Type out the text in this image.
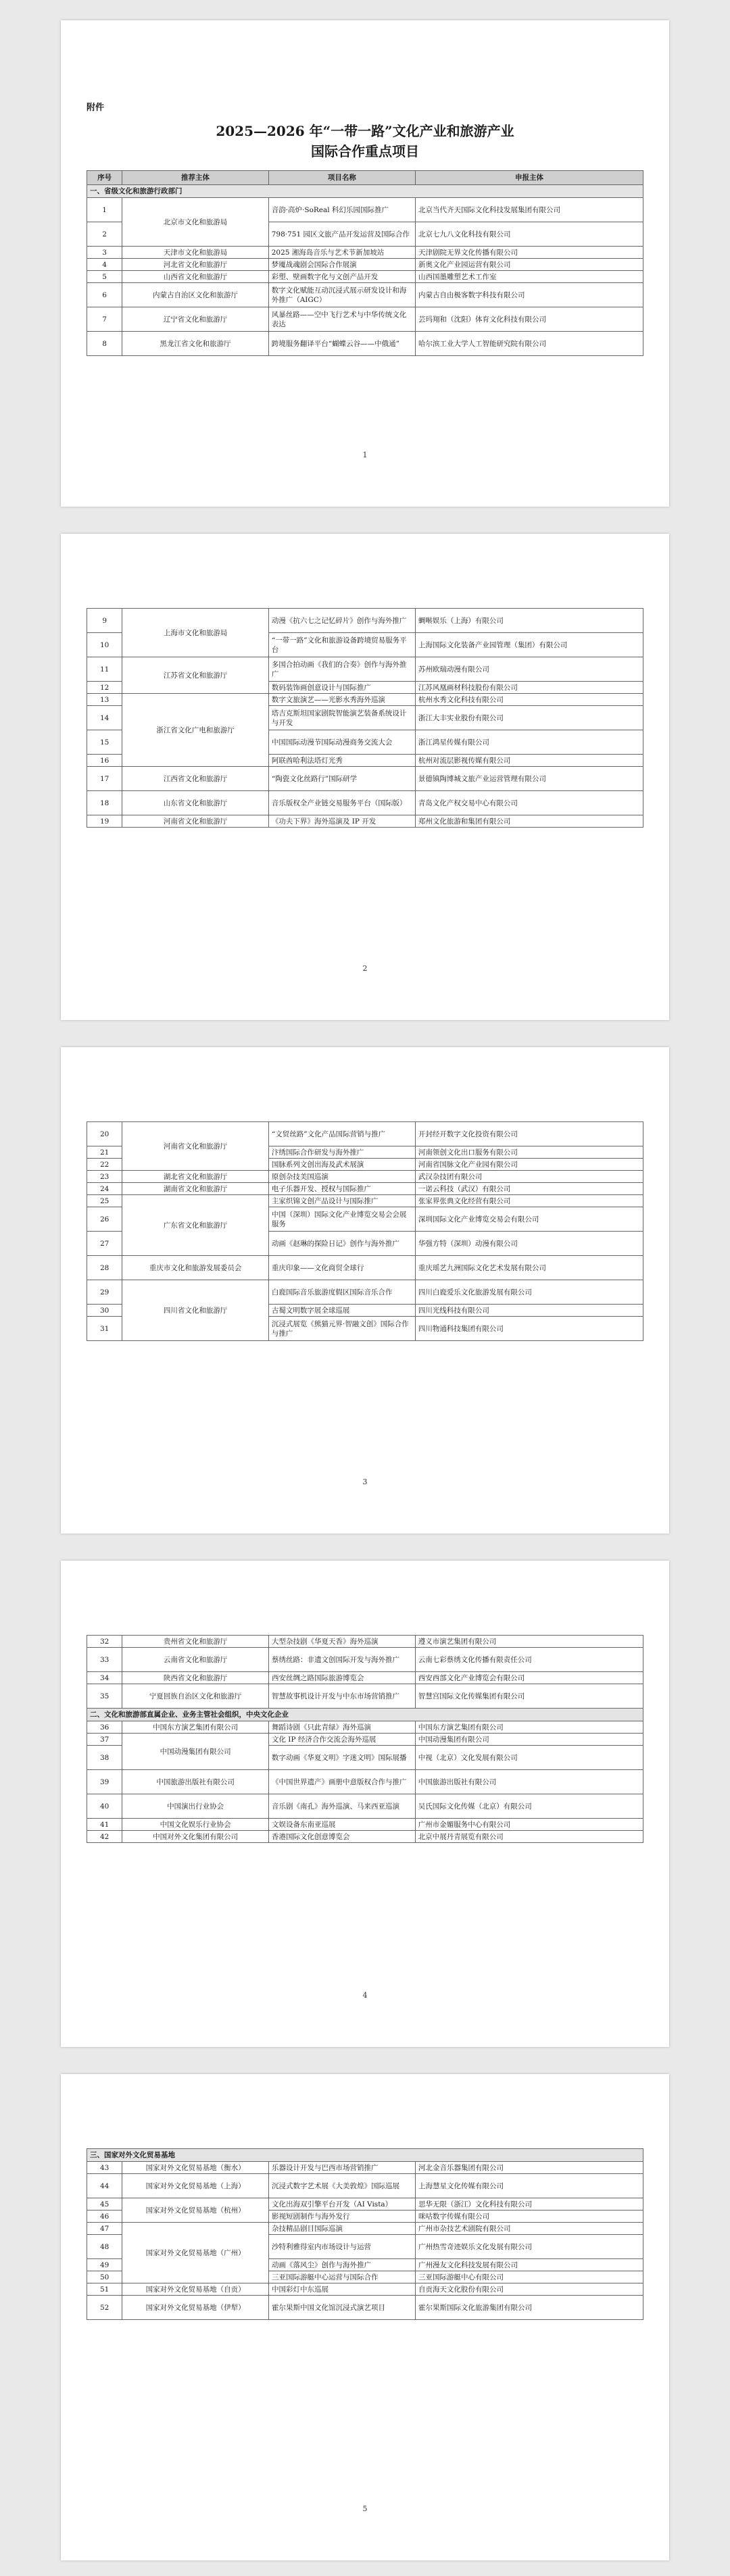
附件
2025—2026 年“一带一路”文化产业和旅游产业
国际合作重点项目
序号	推荐主体	项目名称	申报主体
一、省级文化和旅游行政部门			
1	北京市文化和旅游局	音韵·高炉·SoReal 科幻乐园国际推广	北京当代齐天国际文化科技发展集团有限公司
2		798·751 园区文旅产品开发运营及国际合作	北京七九八文化科技有限公司
3	天津市文化和旅游局	2025 湘海岛音乐与艺术节新加坡站	天津剧院无界文化传播有限公司
4	河北省文化和旅游厅	梦魇战魂剧会国际合作展演	新奥文化产业园运营有限公司
5	山西省文化和旅游厅	彩塑、壁画数字化与文创产品开发	山西国墨雕塑艺术工作室
6	内蒙古自治区文化和旅游厅	数字文化赋能互动沉浸式展示研发设计和海外推广（AIGC）	内蒙古自由极客数字科技有限公司
7	辽宁省文化和旅游厅	风暴丝路——空中飞行艺术与中华传统文化表达	芸玛翔和（沈阳）体育文化科技有限公司
8	黑龙江省文化和旅游厅	跨境服务翻译平台“蝴蝶云谷——中俄通”	哈尔滨工业大学人工智能研究院有限公司
1
9	上海市文化和旅游局	动漫《抗六七之记忆碎片》创作与海外推广	蜩啭娱乐（上海）有限公司
10		“一带一路”文化和旅游设备跨境贸易服务平台	上海国际文化装备产业园管理（集团）有限公司
11	江苏省文化和旅游厅	多国合拍动画《我们的合奏》创作与海外推广	苏州欧瑞动漫有限公司
12		数码装饰画创意设计与国际推广	江苏风凰画材科技股份有限公司
13	浙江省文化广电和旅游厅	数字文旅演艺——光影水秀海外巡演	杭州水秀文化科技有限公司
14		塔吉克斯坦国家剧院智能演艺装备系统设计与开发	浙江大丰实业股份有限公司
15		中国国际动漫节国际动漫商务交流大会	浙江鸿星传媒有限公司
16		阿联酋哈利法塔灯光秀	杭州对流层影视传媒有限公司
17	江西省文化和旅游厅	“陶瓷文化丝路行”国际研学	景德镇陶博城文旅产业运营管理有限公司
18	山东省文化和旅游厅	音乐版权全产业链交易服务平台（国际版）	青岛文化产权交易中心有限公司
19	河南省文化和旅游厅	《功夫下界》海外巡演及 IP 开发	郑州文化旅游和集团有限公司
2
20	河南省文化和旅游厅	“文贸丝路”文化产品国际营销与推广	开封经开数字文化投资有限公司
21		汴绣国际合作研发与海外推广	河南领创文化出口服务有限公司
22		国脉系列文创出海及武术展演	河南省国脉文化产业园有限公司
23	湖北省文化和旅游厅	原创杂技美国巡演	武汉杂技团有限公司
24	湖南省文化和旅游厅	电子乐器开发、授权与国际推广	一诺云科技（武汉）有限公司
25	广东省文化和旅游厅	主家织锦文创产品设计与国际推广	张家界张典文化经营有限公司
26		中国（深圳）国际文化产业博览交易会会展服务	深圳国际文化产业博览交易会有限公司
27		动画《赵琳的探险日记》创作与海外推广	华强方特（深圳）动漫有限公司
28	重庆市文化和旅游发展委员会	重庆印象——文化商贸全球行	重庆瑶艺九洲国际文化艺术发展有限公司
29	四川省文化和旅游厅	白鹿国际音乐旅游度假区国际音乐合作	四川白鹿爱乐文化旅游发展有限公司
30		古蜀文明数字展全球巡展	四川光线科技有限公司
31		沉浸式展览《熊猫元界·智融文创》国际合作与推广	四川物通科技集团有限公司
3
32	贵州省文化和旅游厅	大型杂技剧《华夏天香》海外巡演	遵义市演艺集团有限公司
33	云南省文化和旅游厅	蔡绣丝路：非遗文创国际开发与海外推广	云南七彩蔡绣文化传播有限责任公司
34	陕西省文化和旅游厅	西安丝绸之路国际旅游博览会	西安西部文化产业博览会有限公司
35	宁夏回族自治区文化和旅游厅	智慧故事机设计开发与中东市场营销推广	智慧宫国际文化传媒集团有限公司
二、文化和旅游部直属企业、业务主管社会组织，中央文化企业			
36	中国东方演艺集团有限公司	舞蹈诗剧《只此青绿》海外巡演	中国东方演艺集团有限公司
37	中国动漫集团有限公司	文化 IP 经济合作交流会海外巡展	中国动漫集团有限公司
38		数字动画《华夏文明》字迷文明》国际展播	中视（北京）文化发展有限公司
39	中国旅游出版社有限公司	《中国世界遗产》画册中意版权合作与推广	中国旅游出版社有限公司
40	中国演出行业协会	音乐剧《南孔》海外巡演、马来西亚巡演	吴氏国际文化传媒（北京）有限公司
41	中国文化娱乐行业协会	文娱设备东南亚巡展	广州市金媚服务中心有限公司
42	中国对外文化集团有限公司	香港国际文化创意博览会	北京中展丹青展览有限公司
4
三、国家对外文化贸易基地			
43	国家对外文化贸易基地（衡水）	乐器设计开发与巴西市场营销推广	河北金音乐器集团有限公司
44	国家对外文化贸易基地（上海）	沉浸式数字艺术展《大美敦煌》国际巡展	上海慧星文化传媒有限公司
45	国家对外文化贸易基地（杭州）	文化出海双引擎平台开发（AI Vista）	思华无限（浙江）文化科技有限公司
46		影视短剧制作与海外发行	咪咕数字传媒有限公司
47	国家对外文化贸易基地（广州）	杂技精品剧目国际巡演	广州市杂技艺术剧院有限公司
48		沙特利雅得室内市场设计与运营	广州热雪奇迹娱乐文化发展有限公司
49		动画《落风尘》创作与海外推广	广州漫友文化科技发展有限公司
50		三亚国际游艇中心运营与国际合作	三亚国际游艇中心有限公司
51	国家对外文化贸易基地（自贡）	中国彩灯中东巡展	自贡海天文化股份有限公司
52	国家对外文化贸易基地（伊犁）	霍尔果斯中国文化馆沉浸式演艺项目	霍尔果斯国际文化旅游集团有限公司
5
